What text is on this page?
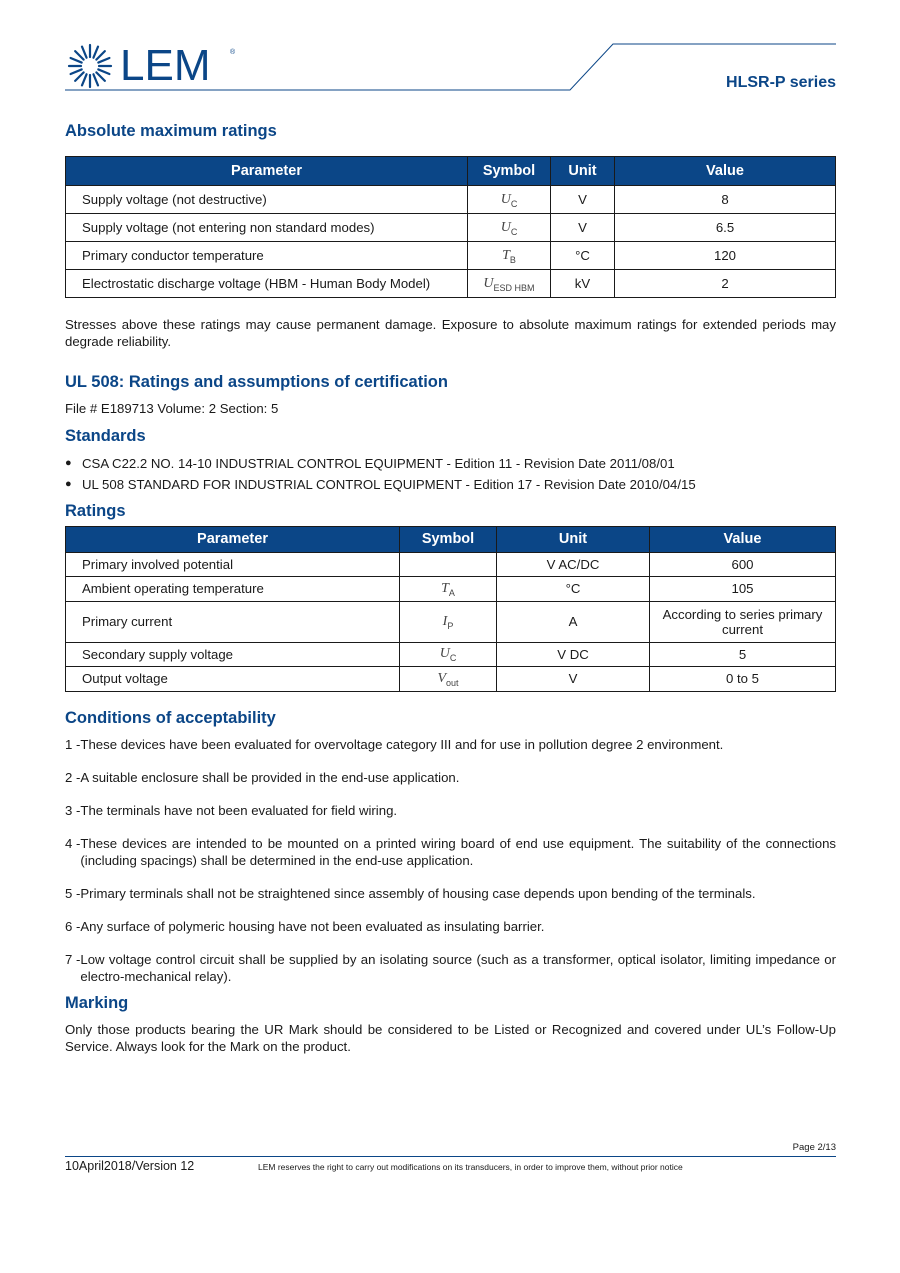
LEM	®
HLSR-P series
Absolute maximum ratings
Parameter	Symbol	Unit	Value
Supply voltage (not destructive)	$U_C$	V	8
Supply voltage (not entering non standard modes)	$U_C$	V	6.5
Primary conductor temperature	$T_B$	°C	120
Electrostatic discharge voltage (HBM - Human Body Model)	$U_{ESD HBM}$	kV	2

Stresses above these ratings may cause permanent damage. Exposure to absolute maximum ratings for extended periods may degrade reliability.

UL 508: Ratings and assumptions of certification

File # E189713 Volume: 2 Section: 5

Standards
● CSA C22.2 NO. 14-10 INDUSTRIAL CONTROL EQUIPMENT - Edition 11 - Revision Date 2011/08/01
● UL 508 STANDARD FOR INDUSTRIAL CONTROL EQUIPMENT - Edition 17 - Revision Date 2010/04/15
Ratings
Parameter	Symbol	Unit	Value
Primary involved potential		V AC/DC	600
Ambient operating temperature	$T_A$	°C	105
Primary current	$I_P$	A	According to series primary current
Secondary supply voltage	$U_C$	V DC	5
Output voltage	$V_{out}$	V	0 to 5
Conditions of acceptability
1 - These devices have been evaluated for overvoltage category III and for use in pollution degree 2 environment.
2 - A suitable enclosure shall be provided in the end-use application.
3 - The terminals have not been evaluated for field wiring.
4 - These devices are intended to be mounted on a printed wiring board of end use equipment. The suitability of the connections (including spacings) shall be determined in the end-use application.
5 - Primary terminals shall not be straightened since assembly of housing case depends upon bending of the terminals.
6 - Any surface of polymeric housing have not been evaluated as insulating barrier.
7 - Low voltage control circuit shall be supplied by an isolating source (such as a transformer, optical isolator, limiting impedance or electro-mechanical relay).
Marking

Only those products bearing the UR Mark should be considered to be Listed or Recognized and covered under UL’s Follow-Up Service. Always look for the Mark on the product.

Page 2/13
10April2018/Version 12	LEM reserves the right to carry out modifications on its transducers, in order to improve them, without prior notice
